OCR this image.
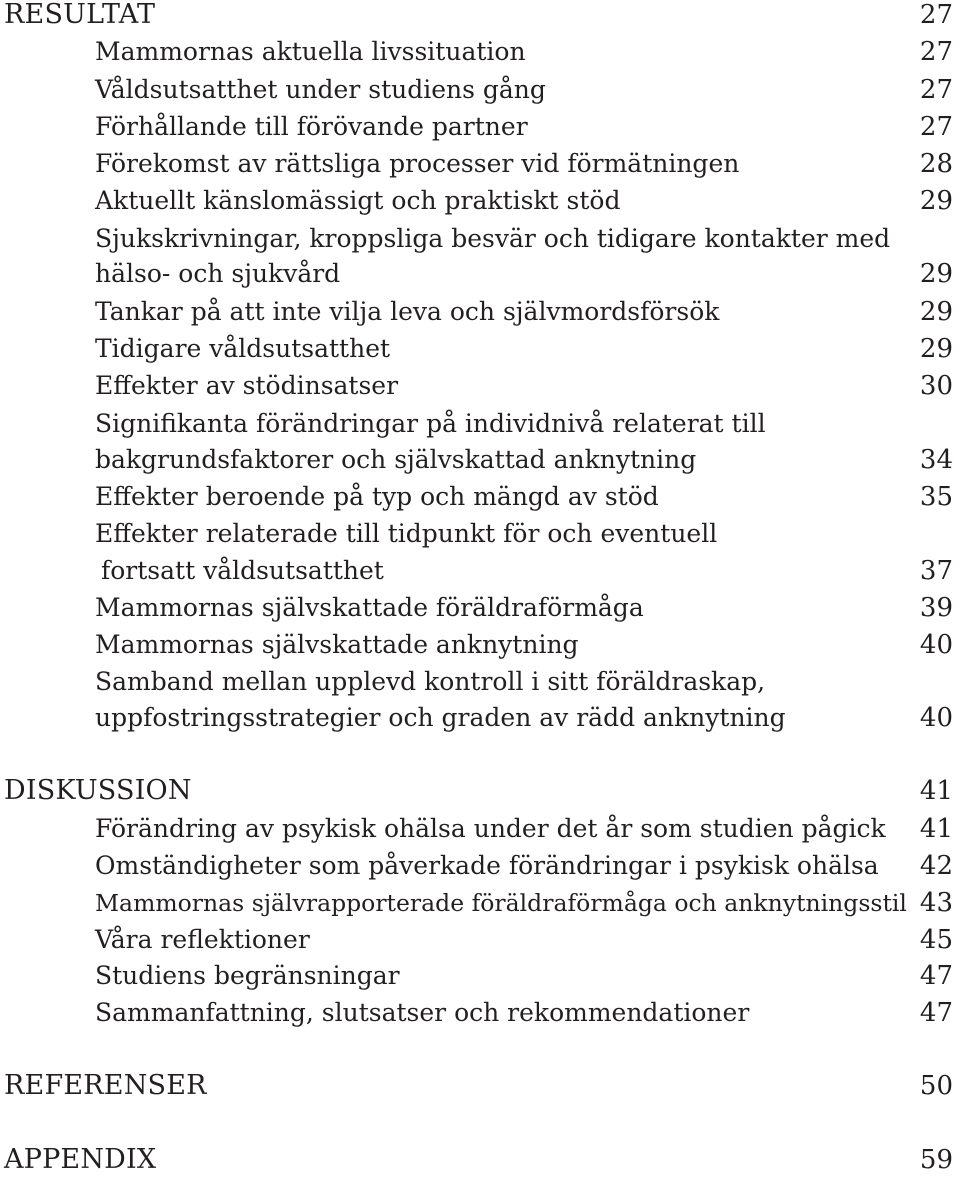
RESULTAT	27
Mammornas aktuella livssituation	27
Våldsutsatthet under studiens gång	27
Förhållande till förövande partner	27
Förekomst av rättsliga processer vid förmätningen	28
Aktuellt känslomässigt och praktiskt stöd	29
Sjukskrivningar, kroppsliga besvär och tidigare kontakter med
hälso- och sjukvård	29
Tankar på att inte vilja leva och självmordsförsök	29
Tidigare våldsutsatthet	29
Effekter av stödinsatser	30
Signifikanta förändringar på individnivå relaterat till
bakgrundsfaktorer och självskattad anknytning	34
Effekter beroende på typ och mängd av stöd	35
Effekter relaterade till tidpunkt för och eventuell
fortsatt våldsutsatthet	37
Mammornas självskattade föräldraförmåga	39
Mammornas självskattade anknytning	40
Samband mellan upplevd kontroll i sitt föräldraskap,
uppfostringsstrategier och graden av rädd anknytning	40
DISKUSSION	41
Förändring av psykisk ohälsa under det år som studien pågick 41
Omständigheter som påverkade förändringar i psykisk ohälsa 42
Mammornas självrapporterade föräldraförmåga och anknytningsstil 43
Våra reflektioner	45
Studiens begränsningar	47
Sammanfattning, slutsatser och rekommendationer	47
REFERENSER	50
APPENDIX	59
